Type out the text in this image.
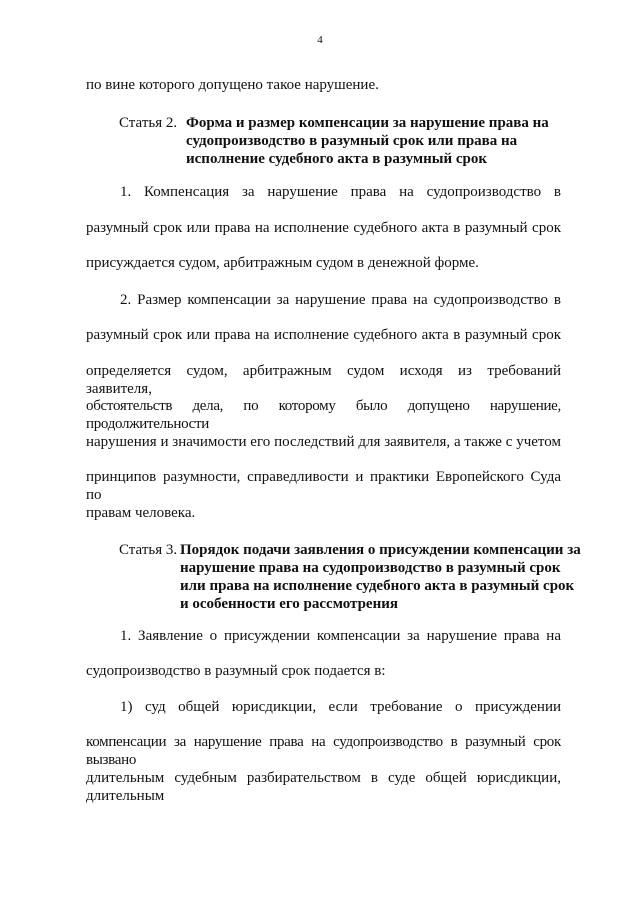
4
по вине которого допущено такое нарушение.
Статья 2. Форма и размер компенсации за нарушение права на
судопроизводство в разумный срок или права на
исполнение судебного акта в разумный срок
1. Компенсация за нарушение права на судопроизводство в
разумный срок или права на исполнение судебного акта в разумный срок
присуждается судом, арбитражным судом в денежной форме.
2. Размер компенсации за нарушение права на судопроизводство в
разумный срок или права на исполнение судебного акта в разумный срок
определяется судом, арбитражным судом исходя из требований заявителя,
обстоятельств дела, по которому было допущено нарушение, продолжительности
нарушения и значимости его последствий для заявителя, а также с учетом
принципов разумности, справедливости и практики Европейского Суда по
правам человека.
Статья 3. Порядок подачи заявления о присуждении компенсации за
нарушение права на судопроизводство в разумный срок
или права на исполнение судебного акта в разумный срок
и особенности его рассмотрения
1. Заявление о присуждении компенсации за нарушение права на
судопроизводство в разумный срок подается в:
1) суд общей юрисдикции, если требование о присуждении
компенсации за нарушение права на судопроизводство в разумный срок вызвано
длительным судебным разбирательством в суде общей юрисдикции, длительным
